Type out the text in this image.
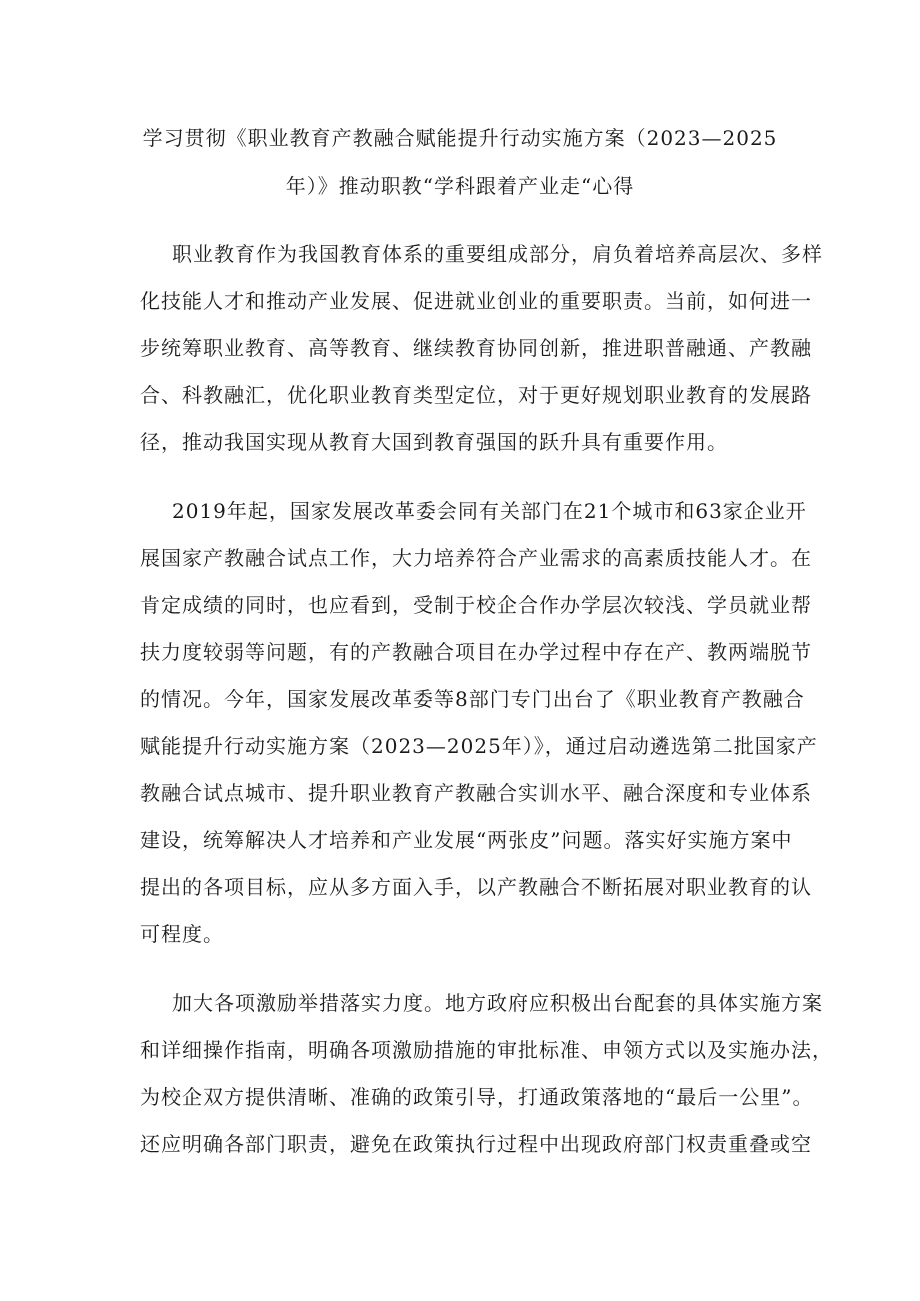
学习贯彻《职业教育产教融合赋能提升行动实施方案（2023—2025
年）》推动职教“学科跟着产业走“心得
职业教育作为我国教育体系的重要组成部分，肩负着培养高层次、多样
化技能人才和推动产业发展、促进就业创业的重要职责。当前，如何进一
步统筹职业教育、高等教育、继续教育协同创新，推进职普融通、产教融
合、科教融汇，优化职业教育类型定位，对于更好规划职业教育的发展路
径，推动我国实现从教育大国到教育强国的跃升具有重要作用。
2019年起，国家发展改革委会同有关部门在21个城市和63家企业开
展国家产教融合试点工作，大力培养符合产业需求的高素质技能人才。在
肯定成绩的同时，也应看到，受制于校企合作办学层次较浅、学员就业帮
扶力度较弱等问题，有的产教融合项目在办学过程中存在产、教两端脱节
的情况。今年，国家发展改革委等8部门专门出台了《职业教育产教融合
赋能提升行动实施方案（2023—2025年）》，通过启动遴选第二批国家产
教融合试点城市、提升职业教育产教融合实训水平、融合深度和专业体系
建设，统筹解决人才培养和产业发展“两张皮”问题。落实好实施方案中
提出的各项目标，应从多方面入手，以产教融合不断拓展对职业教育的认
可程度。
加大各项激励举措落实力度。地方政府应积极出台配套的具体实施方案
和详细操作指南，明确各项激励措施的审批标准、申领方式以及实施办法，
为校企双方提供清晰、准确的政策引导，打通政策落地的“最后一公里”。
还应明确各部门职责，避免在政策执行过程中出现政府部门权责重叠或空
